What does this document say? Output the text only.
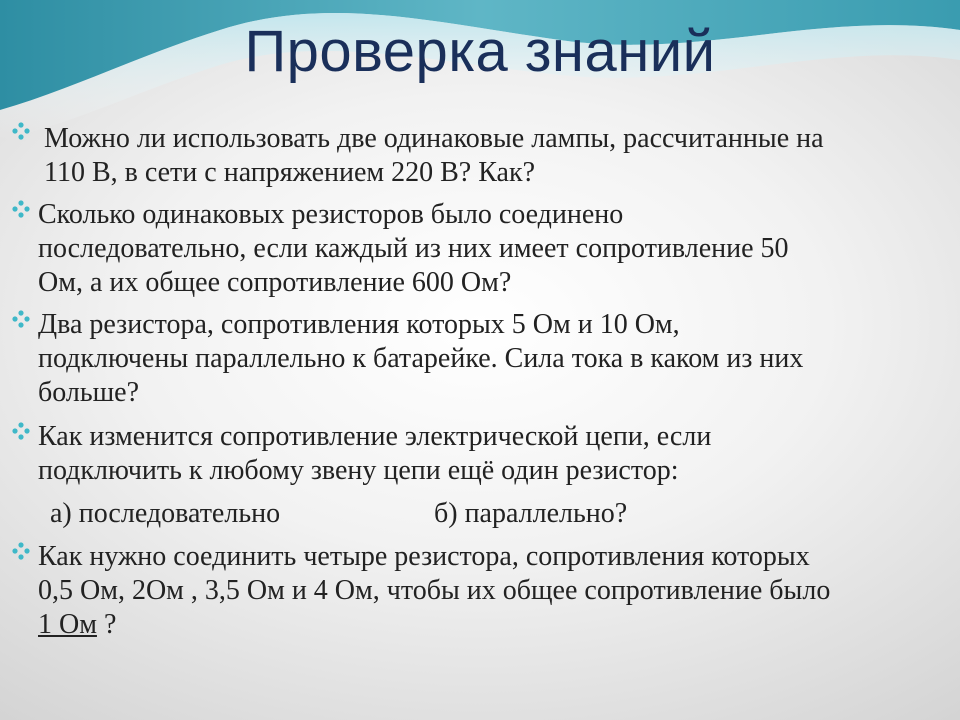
Проверка знаний
Можно ли использовать две одинаковые лампы, рассчитанные на
110 В, в сети с напряжением 220 В? Как?
Сколько одинаковых резисторов было соединено
последовательно, если каждый из них имеет сопротивление 50
Ом, а их общее сопротивление 600 Ом?
Два резистора, сопротивления которых 5 Ом и 10 Ом,
подключены параллельно к батарейке. Сила тока в каком из них
больше?
Как изменится сопротивление электрической цепи, если
подключить к любому звену цепи ещё один резистор:
а) последовательно	б) параллельно?
Как нужно соединить четыре резистора, сопротивления которых
0,5 Ом, 2Ом , 3,5 Ом и 4 Ом, чтобы их общее сопротивление было
1 Ом ?
